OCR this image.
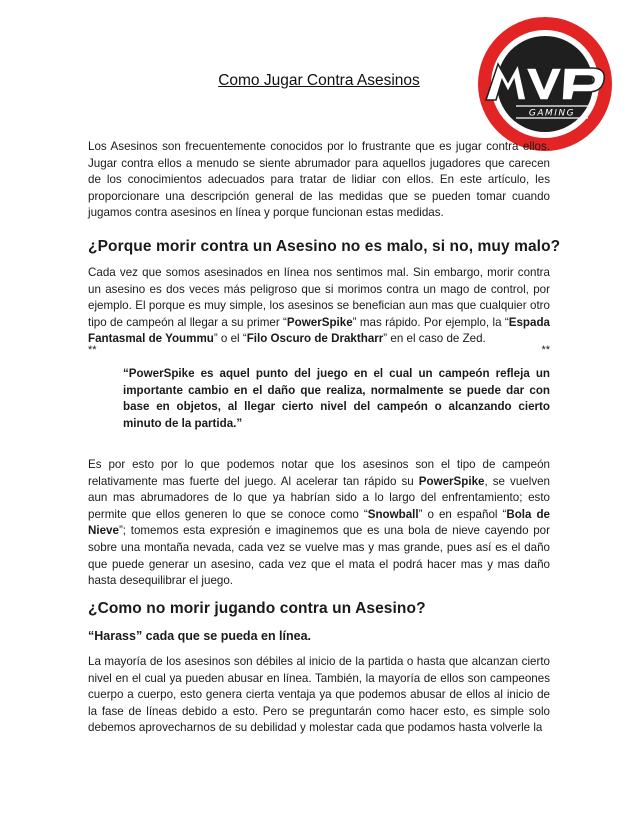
GAMING
Como Jugar Contra Asesinos

Los Asesinos son frecuentemente conocidos por lo frustrante que es jugar contra ellos. Jugar contra ellos a menudo se siente abrumador para aquellos jugadores que carecen de los conocimientos adecuados para tratar de lidiar con ellos. En este artículo, les proporcionare una descripción general de las medidas que se pueden tomar cuando jugamos contra asesinos en línea y porque funcionan estas medidas.

¿Porque morir contra un Asesino no es malo, si no, muy malo?

Cada vez que somos asesinados en línea nos sentimos mal. Sin embargo, morir contra un asesino es dos veces más peligroso que si morimos contra un mago de control, por ejemplo. El porque es muy simple, los asesinos se benefician aun mas que cualquier otro tipo de campeón al llegar a su primer “PowerSpike” mas rápido. Por ejemplo, la “Espada Fantasmal de Yoummu” o el “Filo Oscuro de Draktharr” en el caso de Zed.

**	**

“PowerSpike es aquel punto del juego en el cual un campeón refleja un importante cambio en el daño que realiza, normalmente se puede dar con base en objetos, al llegar cierto nivel del campeón o alcanzando cierto minuto de la partida.”

Es por esto por lo que podemos notar que los asesinos son el tipo de campeón relativamente mas fuerte del juego. Al acelerar tan rápido su PowerSpike, se vuelven aun mas abrumadores de lo que ya habrían sido a lo largo del enfrentamiento; esto permite que ellos generen lo que se conoce como “Snowball” o en español “Bola de Nieve”; tomemos esta expresión e imaginemos que es una bola de nieve cayendo por sobre una montaña nevada, cada vez se vuelve mas y mas grande, pues así es el daño que puede generar un asesino, cada vez que el mata el podrá hacer mas y mas daño hasta desequilibrar el juego.

¿Como no morir jugando contra un Asesino?
“Harass” cada que se pueda en línea.

La mayoría de los asesinos son débiles al inicio de la partida o hasta que alcanzan cierto nivel en el cual ya pueden abusar en línea. También, la mayoría de ellos son campeones cuerpo a cuerpo, esto genera cierta ventaja ya que podemos abusar de ellos al inicio de la fase de líneas debido a esto. Pero se preguntarán como hacer esto, es simple solo debemos aprovecharnos de su debilidad y molestar cada que podamos hasta volverle la
